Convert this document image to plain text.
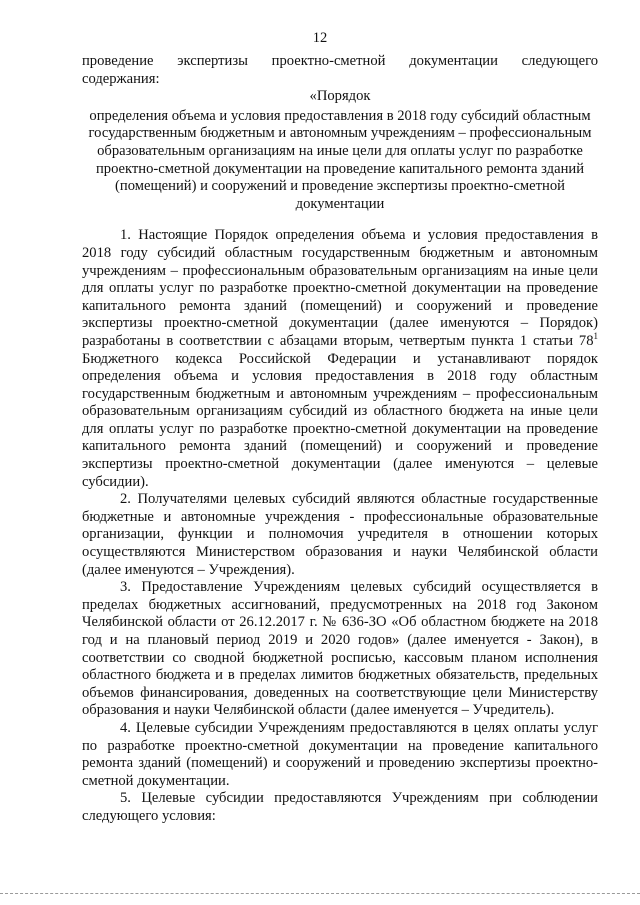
12

проведение экспертизы проектно-сметной документации следующего содержания:

«Порядок
определения объема и условия предоставления в 2018 году субсидий областным государственным бюджетным и автономным учреждениям – профессиональным образовательным организациям на иные цели для оплаты услуг по разработке проектно-сметной документации на проведение капитального ремонта зданий (помещений) и сооружений и проведение экспертизы проектно-сметной документации

1. Настоящие Порядок определения объема и условия предоставления в 2018 году субсидий областным государственным бюджетным и автономным учреждениям – профессиональным образовательным организациям на иные цели для оплаты услуг по разработке проектно-сметной документации на проведение капитального ремонта зданий (помещений) и сооружений и проведение экспертизы проектно-сметной документации (далее именуются – Порядок) разработаны в соответствии с абзацами вторым, четвертым пункта 1 статьи $78^1$ Бюджетного кодекса Российской Федерации и устанавливают порядок определения объема и условия предоставления в 2018 году областным государственным бюджетным и автономным учреждениям – профессиональным образовательным организациям субсидий из областного бюджета на иные цели для оплаты услуг по разработке проектно-сметной документации на проведение капитального ремонта зданий (помещений) и сооружений и проведение экспертизы проектно-сметной документации (далее именуются – целевые субсидии).

2. Получателями целевых субсидий являются областные государственные бюджетные и автономные учреждения - профессиональные образовательные организации, функции и полномочия учредителя в отношении которых осуществляются Министерством образования и науки Челябинской области (далее именуются – Учреждения).

3. Предоставление Учреждениям целевых субсидий осуществляется в пределах бюджетных ассигнований, предусмотренных на 2018 год Законом Челябинской области от 26.12.2017 г. № 636-ЗО «Об областном бюджете на 2018 год и на плановый период 2019 и 2020 годов» (далее именуется - Закон), в соответствии со сводной бюджетной росписью, кассовым планом исполнения областного бюджета и в пределах лимитов бюджетных обязательств, предельных объемов финансирования, доведенных на соответствующие цели Министерству образования и науки Челябинской области (далее именуется – Учредитель).

4. Целевые субсидии Учреждениям предоставляются в целях оплаты услуг по разработке проектно-сметной документации на проведение капитального ремонта зданий (помещений) и сооружений и проведению экспертизы проектно-сметной документации.

5. Целевые субсидии предоставляются Учреждениям при соблюдении следующего условия:
